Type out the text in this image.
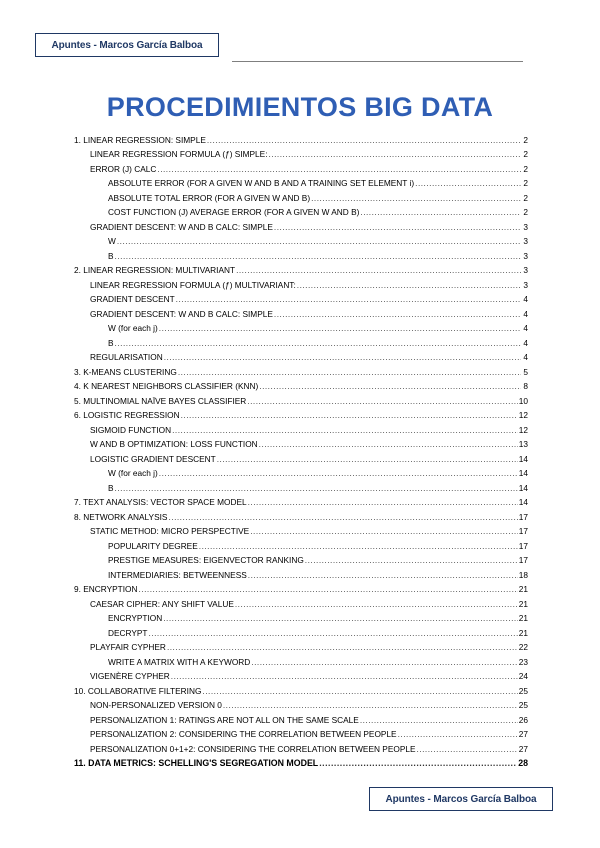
Apuntes - Marcos García Balboa
PROCEDIMIENTOS BIG DATA
1. LINEAR REGRESSION: SIMPLE .....	2
LINEAR REGRESSION FORMULA (ƒ) SIMPLE: .....	2
ERROR (J) CALC .....	2
ABSOLUTE ERROR (FOR A GIVEN W AND B AND A TRAINING SET ELEMENT i) .....	2
ABSOLUTE TOTAL ERROR (FOR A GIVEN W AND B) .....	2
COST FUNCTION (J) AVERAGE ERROR (FOR A GIVEN W AND B) .....	2
GRADIENT DESCENT: W AND B CALC: SIMPLE .....	3
W .....	3
B .....	3
2. LINEAR REGRESSION: MULTIVARIANT .....	3
LINEAR REGRESSION FORMULA (ƒ) MULTIVARIANT: .....	3
GRADIENT DESCENT .....	4
GRADIENT DESCENT: W AND B CALC: SIMPLE .....	4
W (for each j) .....	4
B .....	4
REGULARISATION .....	4
3. K-MEANS CLUSTERING .....	5
4. K NEAREST NEIGHBORS CLASSIFIER (KNN) .....	8
5. MULTINOMIAL NAÏVE BAYES CLASSIFIER .....	10
6. LOGISTIC REGRESSION .....	12
SIGMOID FUNCTION .....	12
W AND B OPTIMIZATION: LOSS FUNCTION .....	13
LOGISTIC GRADIENT DESCENT .....	14
W (for each j) .....	14
B .....	14
7. TEXT ANALYSIS: VECTOR SPACE MODEL .....	14
8. NETWORK ANALYSIS .....	17
STATIC METHOD: MICRO PERSPECTIVE .....	17
POPULARITY DEGREE .....	17
PRESTIGE MEASURES: EIGENVECTOR RANKING .....	17
INTERMEDIARIES: BETWEENNESS .....	18
9. ENCRYPTION .....	21
CAESAR CIPHER: ANY SHIFT VALUE .....	21
ENCRYPTION .....	21
DECRYPT .....	21
PLAYFAIR CYPHER .....	22
WRITE A MATRIX WITH A KEYWORD .....	23
VIGENÈRE CYPHER .....	24
10. COLLABORATIVE FILTERING .....	25
NON-PERSONALIZED VERSION 0 .....	25
PERSONALIZATION 1: RATINGS ARE NOT ALL ON THE SAME SCALE .....	26
PERSONALIZATION 2: CONSIDERING THE CORRELATION BETWEEN PEOPLE .....	27
PERSONALIZATION 0+1+2: CONSIDERING THE CORRELATION BETWEEN PEOPLE .....	27
11. DATA METRICS: SCHELLING'S SEGREGATION MODEL .....	28
Apuntes - Marcos García Balboa
